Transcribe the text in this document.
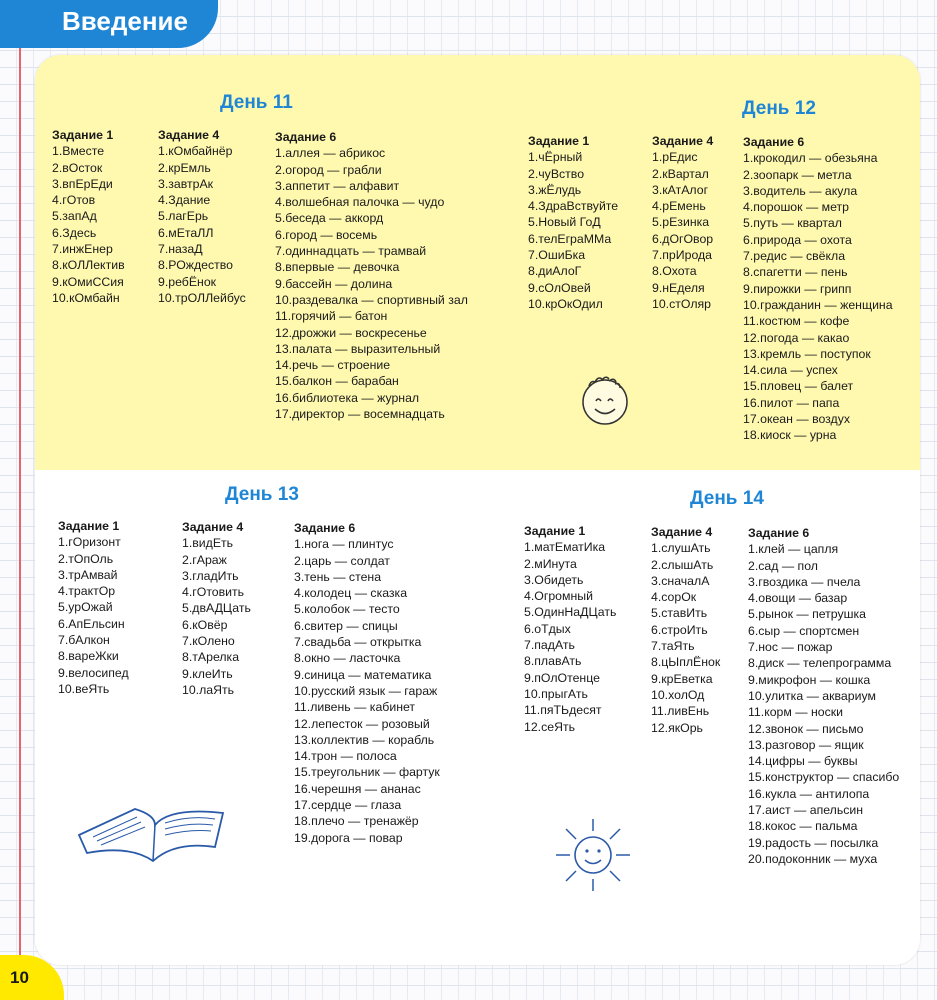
Введение
День 11	День 12
День 13	День 14
Задание 1
1.Вместе
2.вОсток
3.впЕрЕди
4.гОтов
5.запАд
6.Здесь
7.инжЕнер
8.кОЛЛектив
9.кОмиССия
10.кОмбайн
Задание 4
1.кОмбайнёр
2.крЕмль
3.завтрАк
4.Здание
5.лагЕрь
6.мЕтаЛЛ
7.назаД
8.РОждество
9.ребЁнок
10.трОЛЛейбус
Задание 6
1.аллея — абрикос
2.огород — грабли
3.аппетит — алфавит
4.волшебная палочка — чудо
5.беседа — аккорд
6.город — восемь
7.одиннадцать — трамвай
8.впервые — девочка
9.бассейн — долина
10.раздевалка — спортивный зал
11.горячий — батон
12.дрожжи — воскресенье
13.палата — выразительный
14.речь — строение
15.балкон — барабан
16.библиотека — журнал
17.директор — восемнадцать
Задание 1
1.чЁрный
2.чуВство
3.жЁлудь
4.ЗдраВствуйте
5.Новый ГоД
6.телЕграММа
7.ОшиБка
8.диАлоГ
9.сОлОвей
10.крОкОдил
Задание 4
1.рЕдис
2.кВартал
3.кАтАлог
4.рЕмень
5.рЕзинка
6.дОгОвор
7.прИрода
8.Охота
9.нЕделя
10.стОляр
Задание 6
1.крокодил — обезьяна
2.зоопарк — метла
3.водитель — акула
4.порошок — метр
5.путь — квартал
6.природа — охота
7.редис — свёкла
8.спагетти — пень
9.пирожки — грипп
10.гражданин — женщина
11.костюм — кофе
12.погода — какао
13.кремль — поступок
14.сила — успех
15.пловец — балет
16.пилот — папа
17.океан — воздух
18.киоск — урна
Задание 1
1.гОризонт
2.тОпОль
3.трАмвай
4.трактОр
5.урОжай
6.АпЕльсин
7.бАлкон
8.вареЖки
9.велосипед
10.веЯть
Задание 4
1.видЕть
2.гАраж
3.гладИть
4.гОтовить
5.двАДЦать
6.кОвёр
7.кОлено
8.тАрелка
9.клеИть
10.лаЯть
Задание 6
1.нога — плинтус
2.царь — солдат
3.тень — стена
4.колодец — сказка
5.колобок — тесто
6.свитер — спицы
7.свадьба — открытка
8.окно — ласточка
9.синица — математика
10.русский язык — гараж
11.ливень — кабинет
12.лепесток — розовый
13.коллектив — корабль
14.трон — полоса
15.треугольник — фартук
16.черешня — ананас
17.сердце — глаза
18.плечо — тренажёр
19.дорога — повар
Задание 1
1.матЕматИка
2.мИнута
3.Обидеть
4.Огромный
5.ОдинНаДЦать
6.оТдых
7.падАть
8.плавАть
9.пОлОтенце
10.прыгАть
11.пяТЬдесят
12.сеЯть
Задание 4
1.слушАть
2.слышАть
3.сначалА
4.сорОк
5.ставИть
6.строИть
7.таЯть
8.цЫплЁнок
9.крЕветка
10.холОд
11.ливЕнь
12.якОрь
Задание 6
1.клей — цапля
2.сад — пол
3.гвоздика — пчела
4.овощи — базар
5.рынок — петрушка
6.сыр — спортсмен
7.нос — пожар
8.диск — телепрограмма
9.микрофон — кошка
10.улитка — аквариум
11.корм — носки
12.звонок — письмо
13.разговор — ящик
14.цифры — буквы
15.конструктор — спасибо
16.кукла — антилопа
17.аист — апельсин
18.кокос — пальма
19.радость — посылка
20.подоконник — муха
10
